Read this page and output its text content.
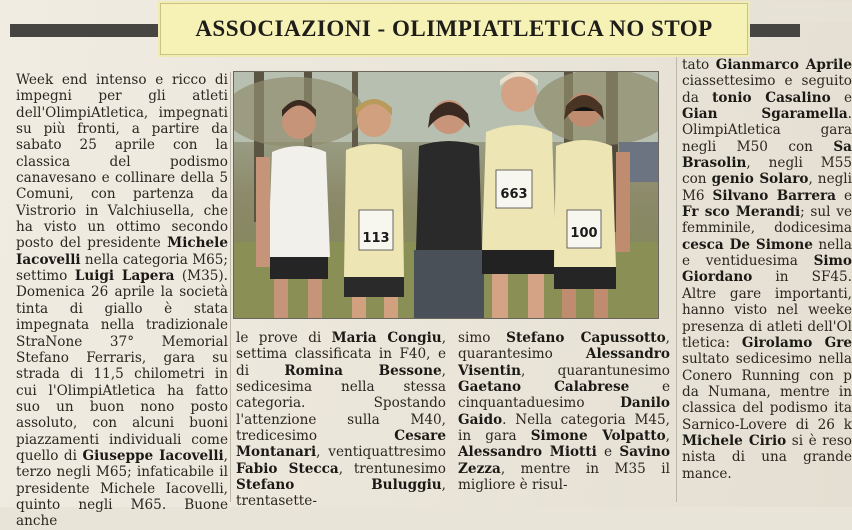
ASSOCIAZIONI - OLIMPIATLETICA NO STOP
Week end intenso e ricco di impegni per gli atleti dell'OlimpiAtletica, impegnati su più fronti, a partire da sabato 25 aprile con la classica del podismo canavesano e collinare della 5 Comuni, con partenza da Vistrorio in Valchiusella, che ha visto un ottimo secondo posto del presidente Michele Iacovelli nella categoria M65; settimo Luigi Lapera (M35). Domenica 26 aprile la società tinta di giallo è stata impegnata nella tradizionale StraNone 37° Memorial Stefano Ferraris, gara su strada di 11,5 chilometri in cui l'OlimpiAtletica ha fatto suo un buon nono posto assoluto, con alcuni buoni piazzamenti individuali come quello di Giuseppe Iacovelli, terzo negli M65; infaticabile il presidente Michele Iacovelli, quinto negli M65. Buone anche
113
663
100
le prove di Maria Congiu, settima classificata in F40, e di Romina Bessone, sedicesima nella stessa categoria. Spostando l'attenzione sulla M40, tredicesimo Cesare Montanari, ventiquattresimo Fabio Stecca, trentunesimo Stefano Buluggiu, trentasette-
simo Stefano Capussotto, quarantesimo Alessandro Visentin, quarantunesimo Gaetano Calabrese e cinquantaduesimo Danilo Gaido. Nella categoria M45, in gara Simone Volpatto, Alessandro Miotti e Savino Zezza, mentre in M35 il migliore è risul-
tato Gianmarco Aprile ciassettesimo e seguito da tonio Casalino e Gian Sgaramella. OlimpiAtletica gara negli M50 con Sa Brasolin, negli M55 con genio Solaro, negli M6 Silvano Barrera e Fr sco Merandi; sul ve femminile, dodicesima cesca De Simone nella e ventiduesima Simo Giordano in SF45. Altre gare importanti, hanno visto nel weeke presenza di atleti dell'Ol tletica: Girolamo Gre sultato sedicesimo nella Conero Running con p da Numana, mentre in classica del podismo ita Sarnico-Lovere di 26 k Michele Cirio si è reso nista di una grande mance.
